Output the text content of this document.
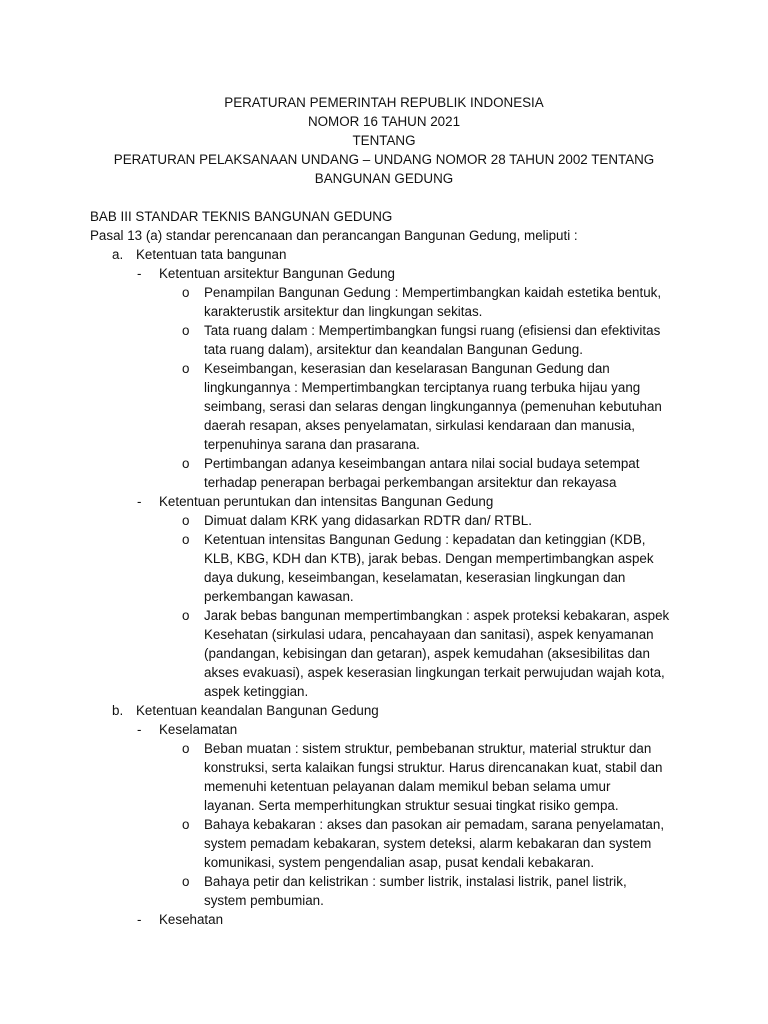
PERATURAN PEMERINTAH REPUBLIK INDONESIA
NOMOR 16 TAHUN 2021
TENTANG
PERATURAN PELAKSANAAN UNDANG – UNDANG NOMOR 28 TAHUN 2002 TENTANG
BANGUNAN GEDUNG
BAB III STANDAR TEKNIS BANGUNAN GEDUNG
Pasal 13 (a) standar perencanaan dan perancangan Bangunan Gedung, meliputi :
a. Ketentuan tata bangunan
- Ketentuan arsitektur Bangunan Gedung
o Penampilan Bangunan Gedung : Mempertimbangkan kaidah estetika bentuk,
karakterustik arsitektur dan lingkungan sekitas.
o Tata ruang dalam : Mempertimbangkan fungsi ruang (efisiensi dan efektivitas
tata ruang dalam), arsitektur dan keandalan Bangunan Gedung.
o Keseimbangan, keserasian dan keselarasan Bangunan Gedung dan
lingkungannya : Mempertimbangkan terciptanya ruang terbuka hijau yang
seimbang, serasi dan selaras dengan lingkungannya (pemenuhan kebutuhan
daerah resapan, akses penyelamatan, sirkulasi kendaraan dan manusia,
terpenuhinya sarana dan prasarana.
o Pertimbangan adanya keseimbangan antara nilai social budaya setempat
terhadap penerapan berbagai perkembangan arsitektur dan rekayasa
- Ketentuan peruntukan dan intensitas Bangunan Gedung
o Dimuat dalam KRK yang didasarkan RDTR dan/ RTBL.
o Ketentuan intensitas Bangunan Gedung : kepadatan dan ketinggian (KDB,
KLB, KBG, KDH dan KTB), jarak bebas. Dengan mempertimbangkan aspek
daya dukung, keseimbangan, keselamatan, keserasian lingkungan dan
perkembangan kawasan.
o Jarak bebas bangunan mempertimbangkan : aspek proteksi kebakaran, aspek
Kesehatan (sirkulasi udara, pencahayaan dan sanitasi), aspek kenyamanan
(pandangan, kebisingan dan getaran), aspek kemudahan (aksesibilitas dan
akses evakuasi), aspek keserasian lingkungan terkait perwujudan wajah kota,
aspek ketinggian.
b. Ketentuan keandalan Bangunan Gedung
- Keselamatan
o Beban muatan : sistem struktur, pembebanan struktur, material struktur dan
konstruksi, serta kalaikan fungsi struktur. Harus direncanakan kuat, stabil dan
memenuhi ketentuan pelayanan dalam memikul beban selama umur
layanan. Serta memperhitungkan struktur sesuai tingkat risiko gempa.
o Bahaya kebakaran : akses dan pasokan air pemadam, sarana penyelamatan,
system pemadam kebakaran, system deteksi, alarm kebakaran dan system
komunikasi, system pengendalian asap, pusat kendali kebakaran.
o Bahaya petir dan kelistrikan : sumber listrik, instalasi listrik, panel listrik,
system pembumian.
- Kesehatan
